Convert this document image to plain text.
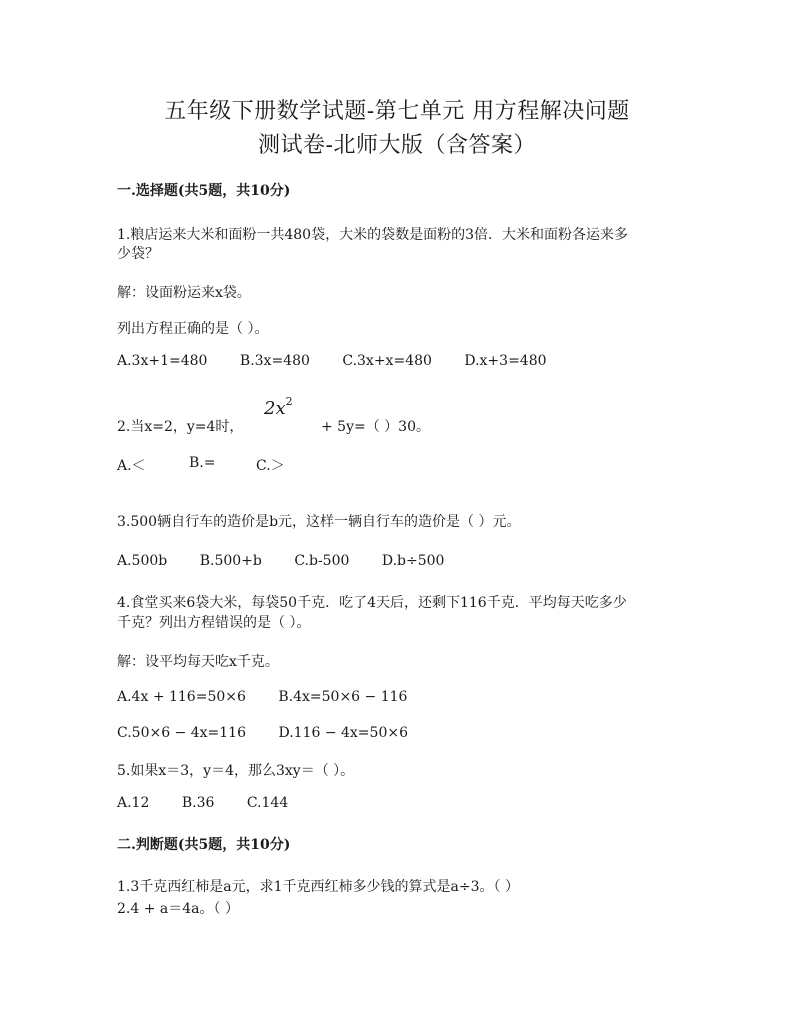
五年级下册数学试题-第七单元 用方程解决问题
测试卷-北师大版（含答案）
一.选择题(共5题，共10分)
1.粮店运来大米和面粉一共480袋，大米的袋数是面粉的3倍．大米和面粉各运来多
少袋？
解：设面粉运来x袋。
列出方程正确的是（ ）。
A.3x+1=480 B.3x=480 C.3x+x=480 D.x+3=480
2.当x=2，y=4时，
$2x^2$
+ 5y=（ ）30。
A.＜	B.=	C.＞
3.500辆自行车的造价是b元，这样一辆自行车的造价是（ ）元。
A.500b B.500+b C.b-500 D.b÷500
4.食堂买来6袋大米，每袋50千克．吃了4天后，还剩下116千克．平均每天吃多少
千克？列出方程错误的是（ ）。
解：设平均每天吃x千克。
A.4x + 116=50×6 B.4x=50×6 − 116
C.50×6 − 4x=116 D.116 − 4x=50×6
5.如果x＝3，y＝4，那么3xy＝（ ）。
A.12 B.36 C.144
二.判断题(共5题，共10分)
1.3千克西红柿是a元，求1千克西红柿多少钱的算式是a÷3。（ ）
2.4 + a＝4a。（ ）
